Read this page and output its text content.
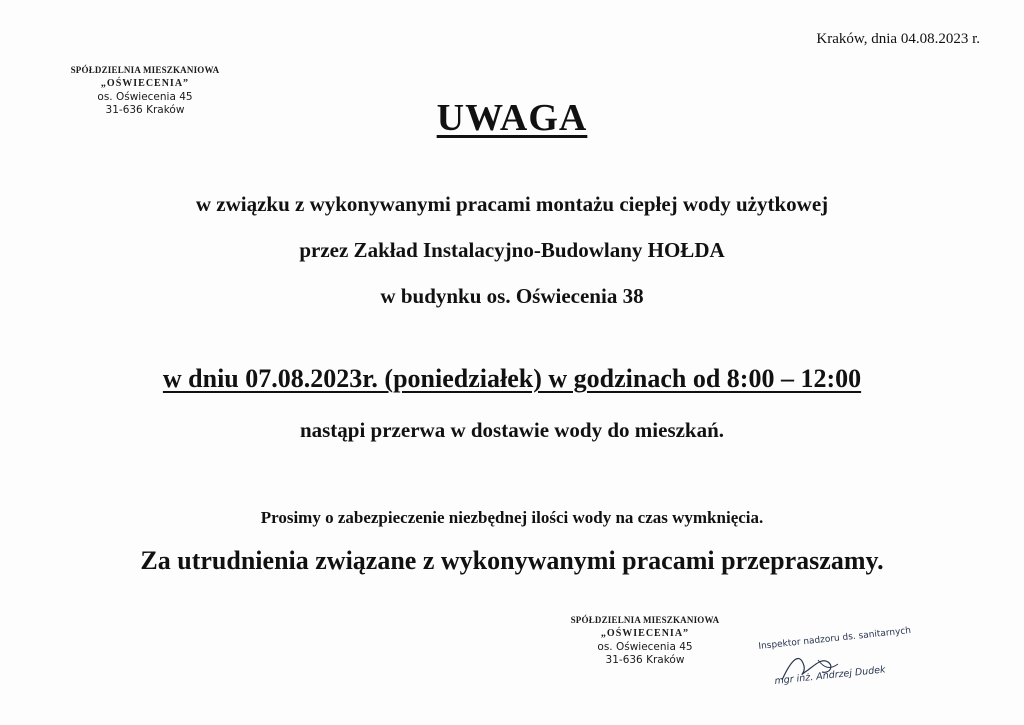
Kraków, dnia 04.08.2023 r.
SPÓŁDZIELNIA MIESZKANIOWA
„OŚWIECENIA”
os. Oświecenia 45
31-636 Kraków	UWAGA
w związku z wykonywanymi pracami montażu ciepłej wody użytkowej
przez Zakład Instalacyjno-Budowlany HOŁDA
w budynku os. Oświecenia 38
w dniu 07.08.2023r. (poniedziałek) w godzinach od 8:00 – 12:00
nastąpi przerwa w dostawie wody do mieszkań.
Prosimy o zabezpieczenie niezbędnej ilości wody na czas wymknięcia.
Za utrudnienia związane z wykonywanymi pracami przepraszamy.
SPÓŁDZIELNIA MIESZKANIOWA
„OŚWIECENIA”
os. Oświecenia 45
31-636 Kraków
Inspektor nadzoru ds. sanitarnych
mgr inż. Andrzej Dudek
